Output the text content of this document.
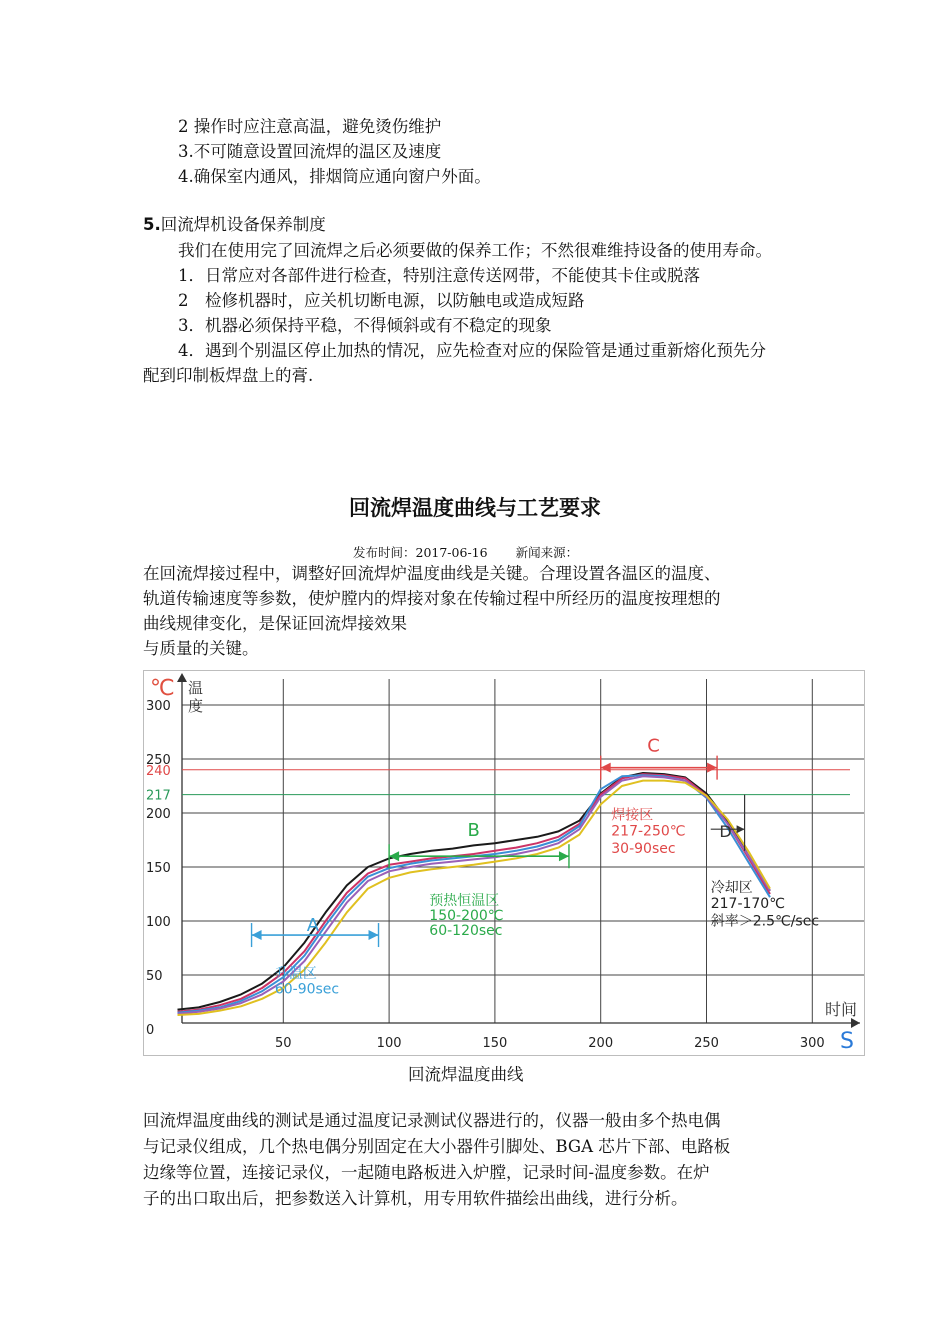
2 操作时应注意高温，避免烫伤维护
3.不可随意设置回流焊的温区及速度
4.确保室内通风，排烟筒应通向窗户外面。
5.回流焊机设备保养制度
我们在使用完了回流焊之后必须要做的保养工作；不然很难维持设备的使用寿命。
1．日常应对各部件进行检查，特别注意传送网带，不能使其卡住或脱落
2　检修机器时，应关机切断电源，以防触电或造成短路
3．机器必须保持平稳，不得倾斜或有不稳定的现象
4．遇到个别温区停止加热的情况，应先检查对应的保险管是通过重新熔化预先分
配到印制板焊盘上的膏.
回流焊温度曲线与工艺要求
发布时间：2017-06-16 新闻来源：
在回流焊接过程中，调整好回流焊炉温度曲线是关键。合理设置各温区的温度、
轨道传输速度等参数，使炉膛内的焊接对象在传输过程中所经历的温度按理想的
曲线规律变化，是保证回流焊接效果
与质量的关键。
50	100	150	200	250	300
0
50
100
150
200
250
300
℃ 温
度
时间
S
240
217
A
升温区
60-90sec
B
预热恒温区
150-200℃
60-120sec
C
焊接区
217-250℃
30-90sec
D
冷却区
217-170℃
斜率＞2.5℃/sec
回流焊温度曲线
回流焊温度曲线的测试是通过温度记录测试仪器进行的，仪器一般由多个热电偶
与记录仪组成，几个热电偶分别固定在大小器件引脚处、BGA 芯片下部、电路板
边缘等位置，连接记录仪，一起随电路板进入炉膛，记录时间-温度参数。在炉
子的出口取出后，把参数送入计算机，用专用软件描绘出曲线，进行分析。
